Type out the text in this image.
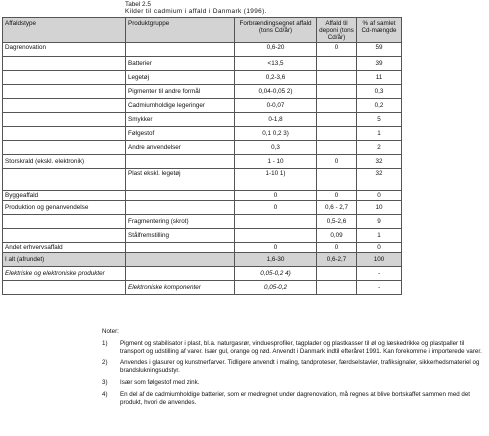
Tabel 2.5
Kilder til cadmium i affald i Danmark (1996).
Affaldstype	Produktgruppe	Forbrændingsegnet affald (tons Cd/år)	Affald til deponi (tons Cd/år)	% af samlet Cd-mængde
Dagrenovation		0,6-20	0	59
	Batterier	<13,5		39
	Legetøj	0,2-3,6		11
	Pigmenter til andre formål	0,04-0,05 2)		0,3
	Cadmiumholdige legeringer	0-0,07		0,2
	Smykker	0-1,8		5
	Følgestof	0,1 0,2 3)		1
	Andre anvendelser	0,3		2
Storskrald (ekskl. elektronik)		1 - 10	0	32
	Plast ekskl. legetøj	1-10 1)		32
Byggeaffald		0	0	0
Produktion og genanvendelse		0	0,6 - 2,7	10
	Fragmentering (skrot)		0,5-2,6	9
	Stålfremstilling		0,09	1
Andet erhvervsaffald		0	0	0
I alt (afrundet)		1,6-30	0,6-2,7	100
Elektriske og elektroniske produkter		0,05-0,2 4)		-
	Elektroniske komponenter	0,05-0,2		-
Noter:
1)	Pigment og stabilisator i plast, bl.a. naturgasrør, vinduesprofiler, tagplader og plastkasser til øl og læskedrikke og plastpaller til transport og udstilling af varer. Især gul, orange og rød. Anvendt i Danmark indtil efteråret 1991. Kan forekomme i importerede varer.
2)	Anvendes i glasurer og kunstnerfarver. Tidligere anvendt i maling, tandproteser, færdselstavler, trafiksignaler, sikkerhedsmateriel og brandslukningsudstyr.
3)	Især som følgestof med zink.
4)	En del af de cadmiumholdige batterier, som er medregnet under dagrenovation, må regnes at blive bortskaffet sammen med det produkt, hvori de anvendes.
